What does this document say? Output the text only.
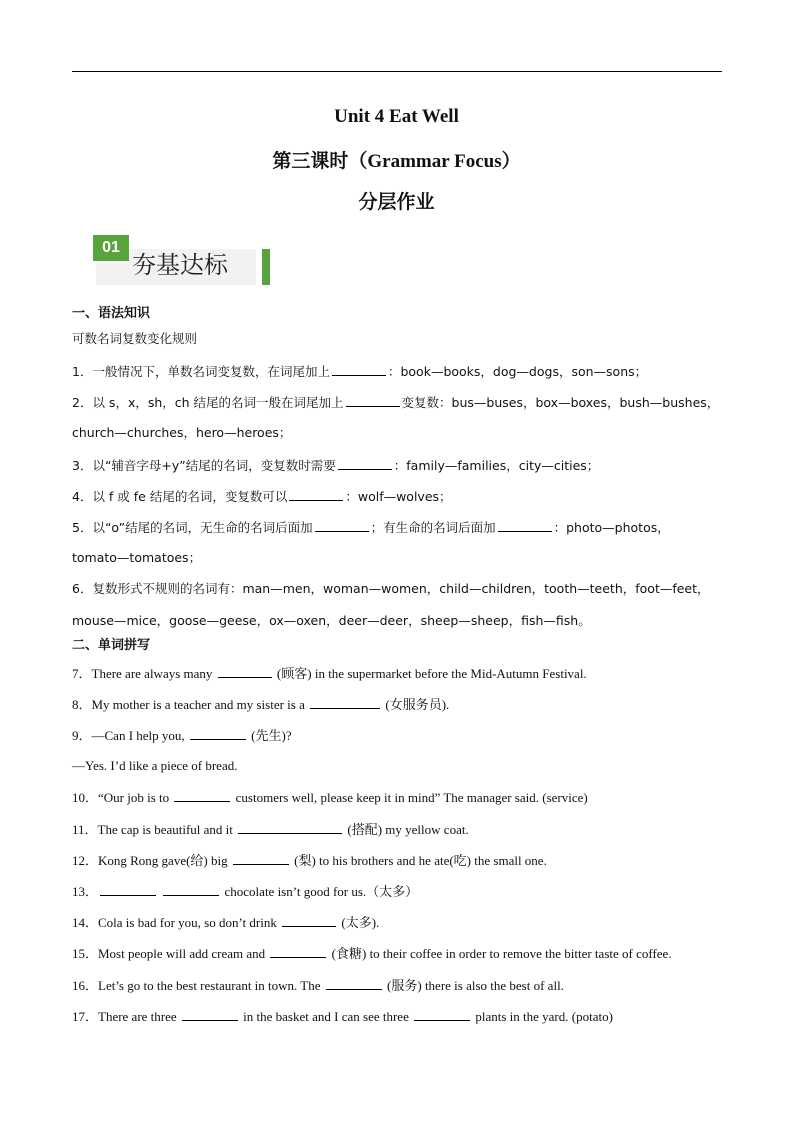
Unit 4 Eat Well
第三课时（Grammar Focus）
分层作业
01
夯基达标
一、语法知识
可数名词复数变化规则
1．一般情况下，单数名词变复数，在词尾加上	：book—books，dog—dogs，son—sons；
2．以 s，x，sh，ch 结尾的名词一般在词尾加上	变复数：bus—buses，box—boxes，bush—bushes，
church—churches，hero—heroes；
3．以“辅音字母+y”结尾的名词，变复数时需要	：family—families，city—cities；
4．以 f 或 fe 结尾的名词，变复数可以	：wolf—wolves；
5．以“o”结尾的名词，无生命的名词后面加	；有生命的名词后面加	：photo—photos，
tomato—tomatoes；
6．复数形式不规则的名词有：man—men，woman—women，child—children，tooth—teeth，foot—feet，
mouse—mice，goose—geese，ox—oxen，deer—deer，sheep—sheep，fish—fish。
二、单词拼写
7．There are always many	(顾客) in the supermarket before the Mid-Autumn Festival.
8．My mother is a teacher and my sister is a	(女服务员).
9．—Can I help you,	(先生)?
—Yes. I’d like a piece of bread.
10．“Our job is to	customers well, please keep it in mind” The manager said. (service)
11．The cap is beautiful and it	(搭配) my yellow coat.
12．Kong Rong gave(给) big	(梨) to his brothers and he ate(吃) the small one.
13．	chocolate isn’t good for us.（太多）
14．Cola is bad for you, so don’t drink	(太多).
15．Most people will add cream and	(食糖) to their coffee in order to remove the bitter taste of coffee.
16．Let’s go to the best restaurant in town. The	(服务) there is also the best of all.
17．There are three	in the basket and I can see three	plants in the yard. (potato)
